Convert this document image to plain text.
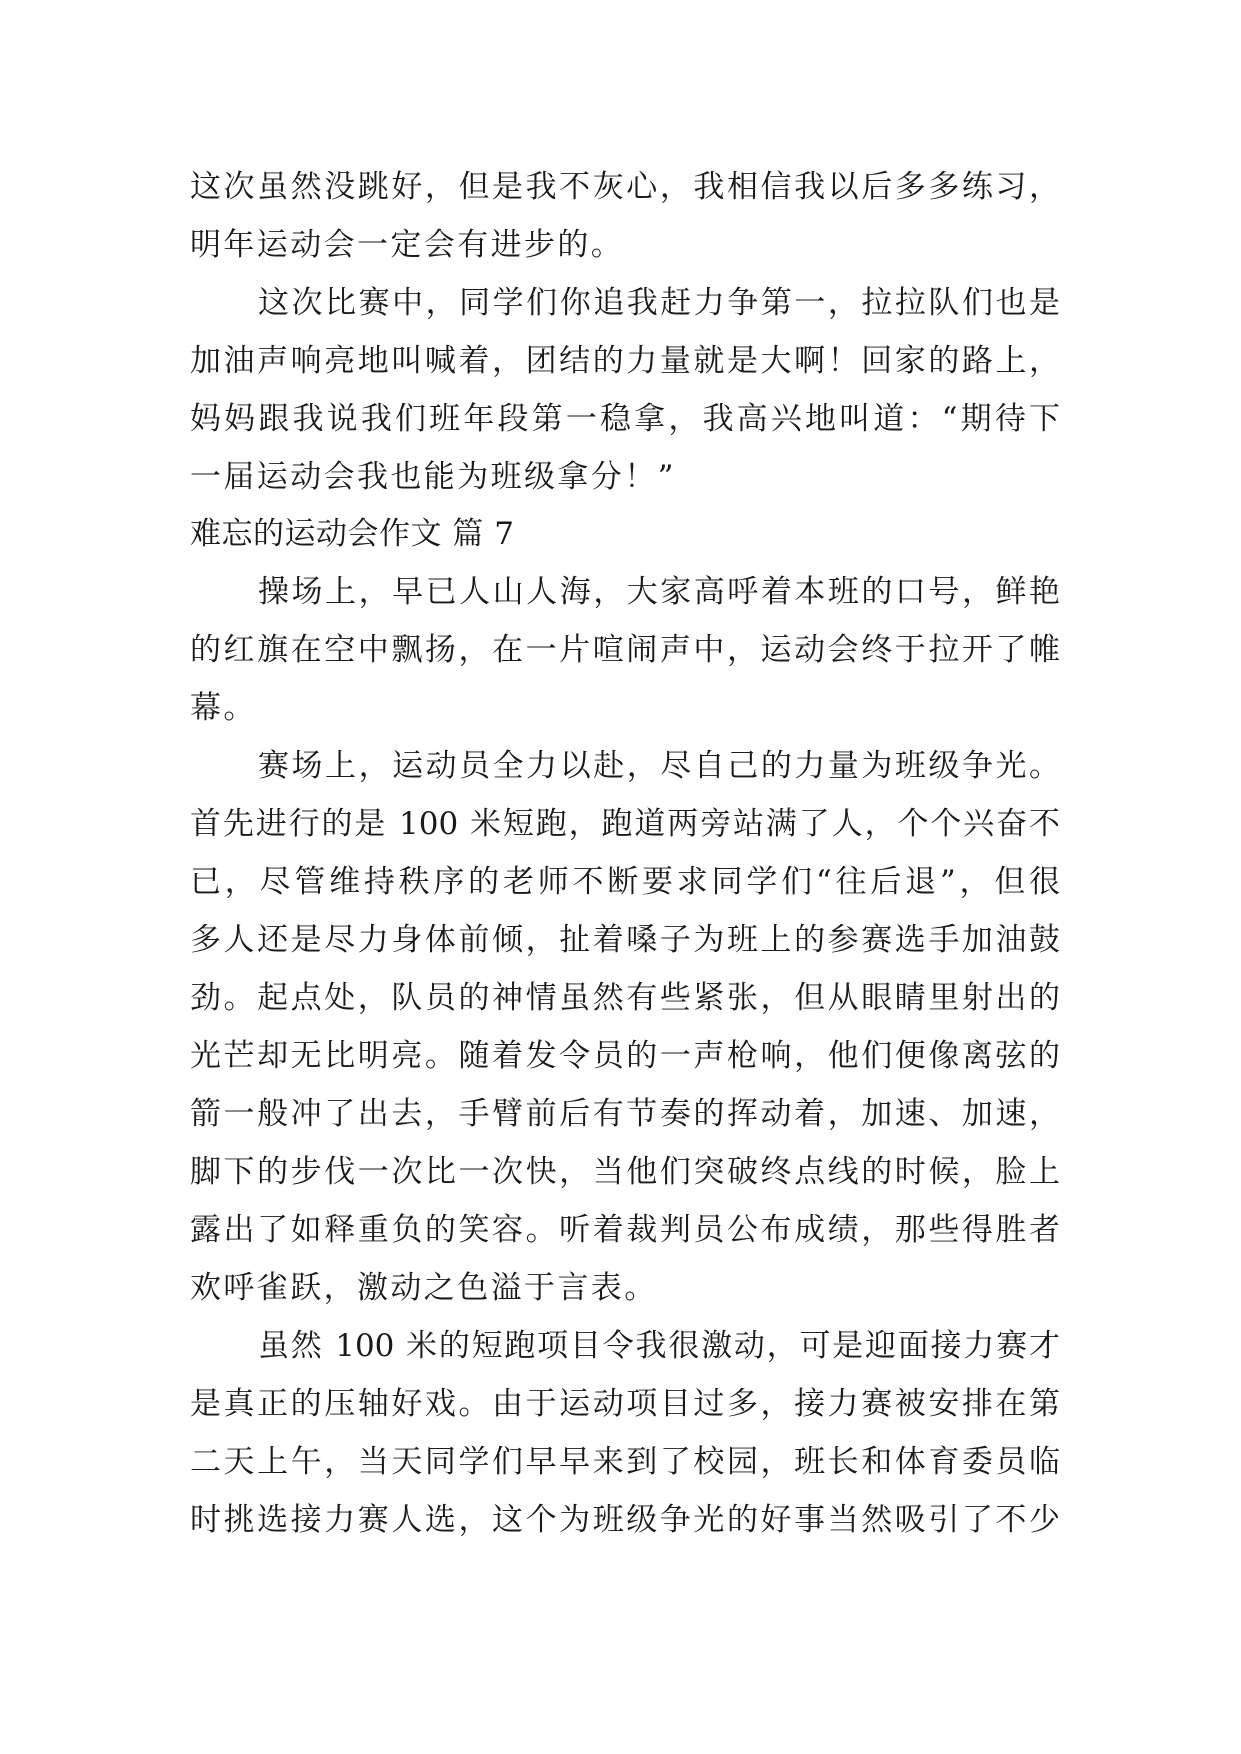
这次虽然没跳好，但是我不灰心，我相信我以后多多练习，
明年运动会一定会有进步的。
这次比赛中，同学们你追我赶力争第一，拉拉队们也是
加油声响亮地叫喊着，团结的力量就是大啊！回家的路上，
妈妈跟我说我们班年段第一稳拿，我高兴地叫道：“期待下
一届运动会我也能为班级拿分！”
难忘的运动会作文 篇 7
操场上，早已人山人海，大家高呼着本班的口号，鲜艳
的红旗在空中飘扬，在一片喧闹声中，运动会终于拉开了帷
幕。
赛场上，运动员全力以赴，尽自己的力量为班级争光。
首先进行的是 100 米短跑，跑道两旁站满了人，个个兴奋不
已，尽管维持秩序的老师不断要求同学们“往后退”，但很
多人还是尽力身体前倾，扯着嗓子为班上的参赛选手加油鼓
劲。起点处，队员的神情虽然有些紧张，但从眼睛里射出的
光芒却无比明亮。随着发令员的一声枪响，他们便像离弦的
箭一般冲了出去，手臂前后有节奏的挥动着，加速、加速，
脚下的步伐一次比一次快，当他们突破终点线的时候，脸上
露出了如释重负的笑容。听着裁判员公布成绩，那些得胜者
欢呼雀跃，激动之色溢于言表。
虽然 100 米的短跑项目令我很激动，可是迎面接力赛才
是真正的压轴好戏。由于运动项目过多，接力赛被安排在第
二天上午，当天同学们早早来到了校园，班长和体育委员临
时挑选接力赛人选，这个为班级争光的好事当然吸引了不少
